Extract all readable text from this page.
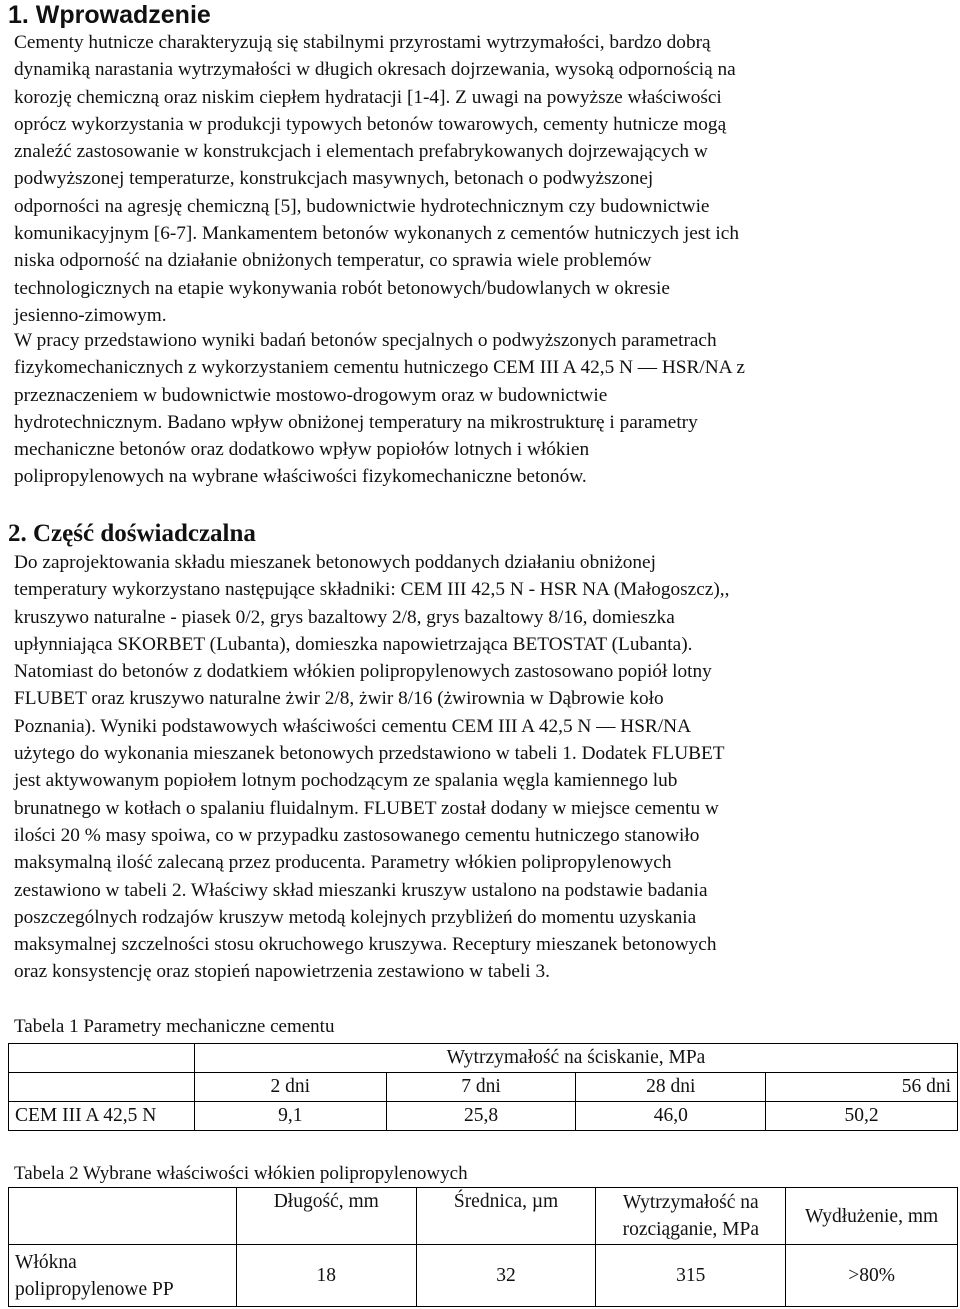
1. Wprowadzenie
Cementy hutnicze charakteryzują się stabilnymi przyrostami wytrzymałości, bardzo dobrą
dynamiką narastania wytrzymałości w długich okresach dojrzewania, wysoką odpornością na
korozję chemiczną oraz niskim ciepłem hydratacji [1-4]. Z uwagi na powyższe właściwości
oprócz wykorzystania w produkcji typowych betonów towarowych, cementy hutnicze mogą
znaleźć zastosowanie w konstrukcjach i elementach prefabrykowanych dojrzewających w
podwyższonej temperaturze, konstrukcjach masywnych, betonach o podwyższonej
odporności na agresję chemiczną [5], budownictwie hydrotechnicznym czy budownictwie
komunikacyjnym [6-7]. Mankamentem betonów wykonanych z cementów hutniczych jest ich
niska odporność na działanie obniżonych temperatur, co sprawia wiele problemów
technologicznych na etapie wykonywania robót betonowych/budowlanych w okresie
jesienno-zimowym.
W pracy przedstawiono wyniki badań betonów specjalnych o podwyższonych parametrach
fizykomechanicznych z wykorzystaniem cementu hutniczego CEM III A 42,5 N — HSR/NA z
przeznaczeniem w budownictwie mostowo-drogowym oraz w budownictwie
hydrotechnicznym. Badano wpływ obniżonej temperatury na mikrostrukturę i parametry
mechaniczne betonów oraz dodatkowo wpływ popiołów lotnych i włókien
polipropylenowych na wybrane właściwości fizykomechaniczne betonów.
2. Część doświadczalna
Do zaprojektowania składu mieszanek betonowych poddanych działaniu obniżonej
temperatury wykorzystano następujące składniki: CEM III 42,5 N - HSR NA (Małogoszcz),,
kruszywo naturalne - piasek 0/2, grys bazaltowy 2/8, grys bazaltowy 8/16, domieszka
upłynniająca SKORBET (Lubanta), domieszka napowietrzająca BETOSTAT (Lubanta).
Natomiast do betonów z dodatkiem włókien polipropylenowych zastosowano popiół lotny
FLUBET oraz kruszywo naturalne żwir 2/8, żwir 8/16 (żwirownia w Dąbrowie koło
Poznania). Wyniki podstawowych właściwości cementu CEM III A 42,5 N — HSR/NA
użytego do wykonania mieszanek betonowych przedstawiono w tabeli 1. Dodatek FLUBET
jest aktywowanym popiołem lotnym pochodzącym ze spalania węgla kamiennego lub
brunatnego w kotłach o spalaniu fluidalnym. FLUBET został dodany w miejsce cementu w
ilości 20 % masy spoiwa, co w przypadku zastosowanego cementu hutniczego stanowiło
maksymalną ilość zalecaną przez producenta. Parametry włókien polipropylenowych
zestawiono w tabeli 2. Właściwy skład mieszanki kruszyw ustalono na podstawie badania
poszczególnych rodzajów kruszyw metodą kolejnych przybliżeń do momentu uzyskania
maksymalnej szczelności stosu okruchowego kruszywa. Receptury mieszanek betonowych
oraz konsystencję oraz stopień napowietrzenia zestawiono w tabeli 3.
Tabela 1 Parametry mechaniczne cementu
	Wytrzymałość na ściskanie, MPa			
	2 dni	7 dni	28 dni	56 dni
CEM III A 42,5 N	9,1	25,8	46,0	50,2
Tabela 2 Wybrane właściwości włókien polipropylenowych
	Długość, mm	Średnica, µm	Wytrzymałość na rozciąganie, MPa	Wydłużenie, mm
Włókna polipropylenowe PP	18	32	315	>80%
